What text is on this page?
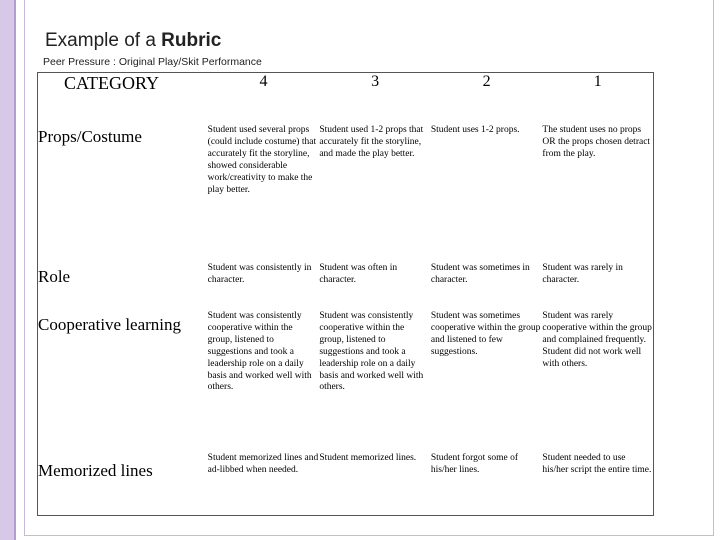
Example of a Rubric
Peer Pressure : Original Play/Skit Performance
CATEGORY	4	3	2	1
Props/Costume	Student used several props (could include costume) that accurately fit the storyline, showed considerable work/creativity to make the play better.	Student used 1-2 props that accurately fit the storyline, and made the play better.	Student uses 1-2 props.	The student uses no props OR the props chosen detract from the play.
Role	Student was consistently in character.	Student was often in character.	Student was sometimes in character.	Student was rarely in character.
Cooperative learning	Student was consistently cooperative within the group, listened to suggestions and took a leadership role on a daily basis and worked well with others.	Student was consistently cooperative within the group, listened to suggestions and took a leadership role on a daily basis and worked well with others.	Student was sometimes cooperative within the group and listened to few suggestions.	Student was rarely cooperative within the group and complained frequently. Student did not work well with others.
Memorized lines	Student memorized lines and ad-libbed when needed.	Student memorized lines.	Student forgot some of his/her lines.	Student needed to use his/her script the entire time.
